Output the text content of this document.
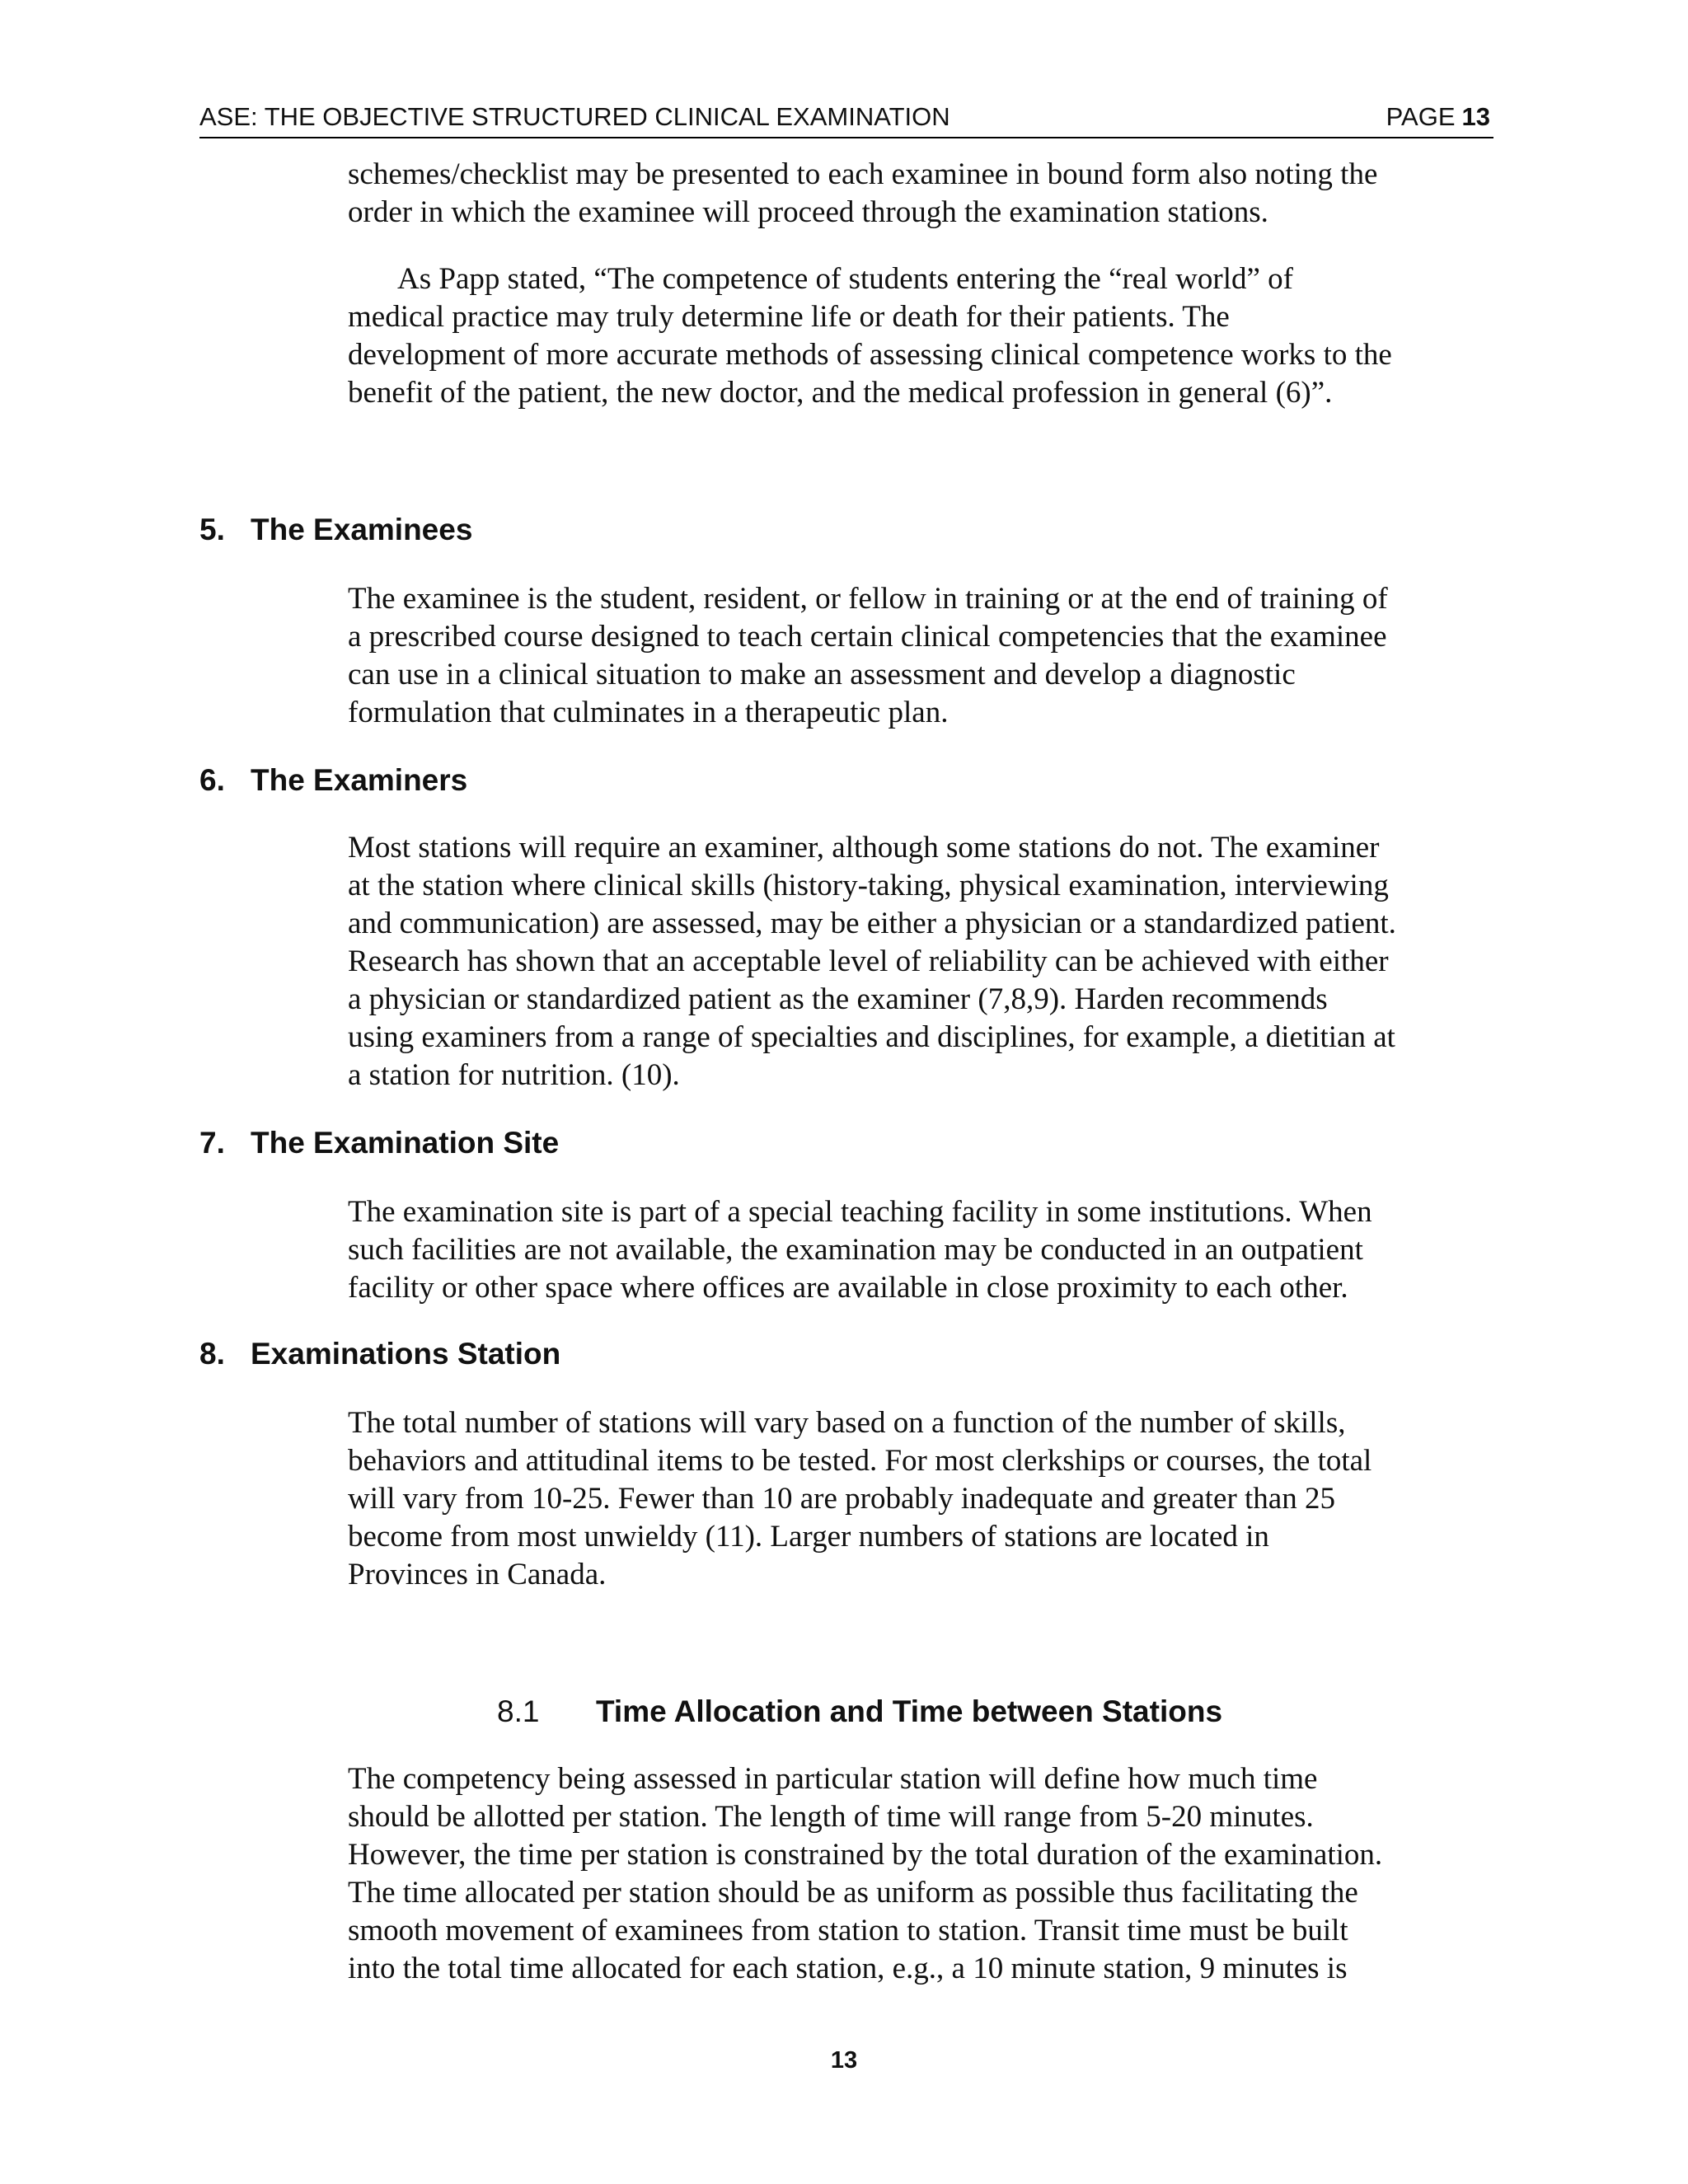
ASE: THE OBJECTIVE STRUCTURED CLINICAL EXAMINATION	PAGE 13
schemes/checklist may be presented to each examinee in bound form also noting the
order in which the examinee will proceed through the examination stations.
As Papp stated, “The competence of students entering the “real world” of
medical practice may truly determine life or death for their patients. The
development of more accurate methods of assessing clinical competence works to the
benefit of the patient, the new doctor, and the medical profession in general (6)”.
5. The Examinees
The examinee is the student, resident, or fellow in training or at the end of training of
a prescribed course designed to teach certain clinical competencies that the examinee
can use in a clinical situation to make an assessment and develop a diagnostic
formulation that culminates in a therapeutic plan.
6. The Examiners
Most stations will require an examiner, although some stations do not. The examiner
at the station where clinical skills (history-taking, physical examination, interviewing
and communication) are assessed, may be either a physician or a standardized patient.
Research has shown that an acceptable level of reliability can be achieved with either
a physician or standardized patient as the examiner (7,8,9). Harden recommends
using examiners from a range of specialties and disciplines, for example, a dietitian at
a station for nutrition. (10).
7. The Examination Site
The examination site is part of a special teaching facility in some institutions. When
such facilities are not available, the examination may be conducted in an outpatient
facility or other space where offices are available in close proximity to each other.
8. Examinations Station
The total number of stations will vary based on a function of the number of skills,
behaviors and attitudinal items to be tested. For most clerkships or courses, the total
will vary from 10-25. Fewer than 10 are probably inadequate and greater than 25
become from most unwieldy (11). Larger numbers of stations are located in
Provinces in Canada.
8.1 Time Allocation and Time between Stations
The competency being assessed in particular station will define how much time
should be allotted per station. The length of time will range from 5-20 minutes.
However, the time per station is constrained by the total duration of the examination.
The time allocated per station should be as uniform as possible thus facilitating the
smooth movement of examinees from station to station. Transit time must be built
into the total time allocated for each station, e.g., a 10 minute station, 9 minutes is
13
